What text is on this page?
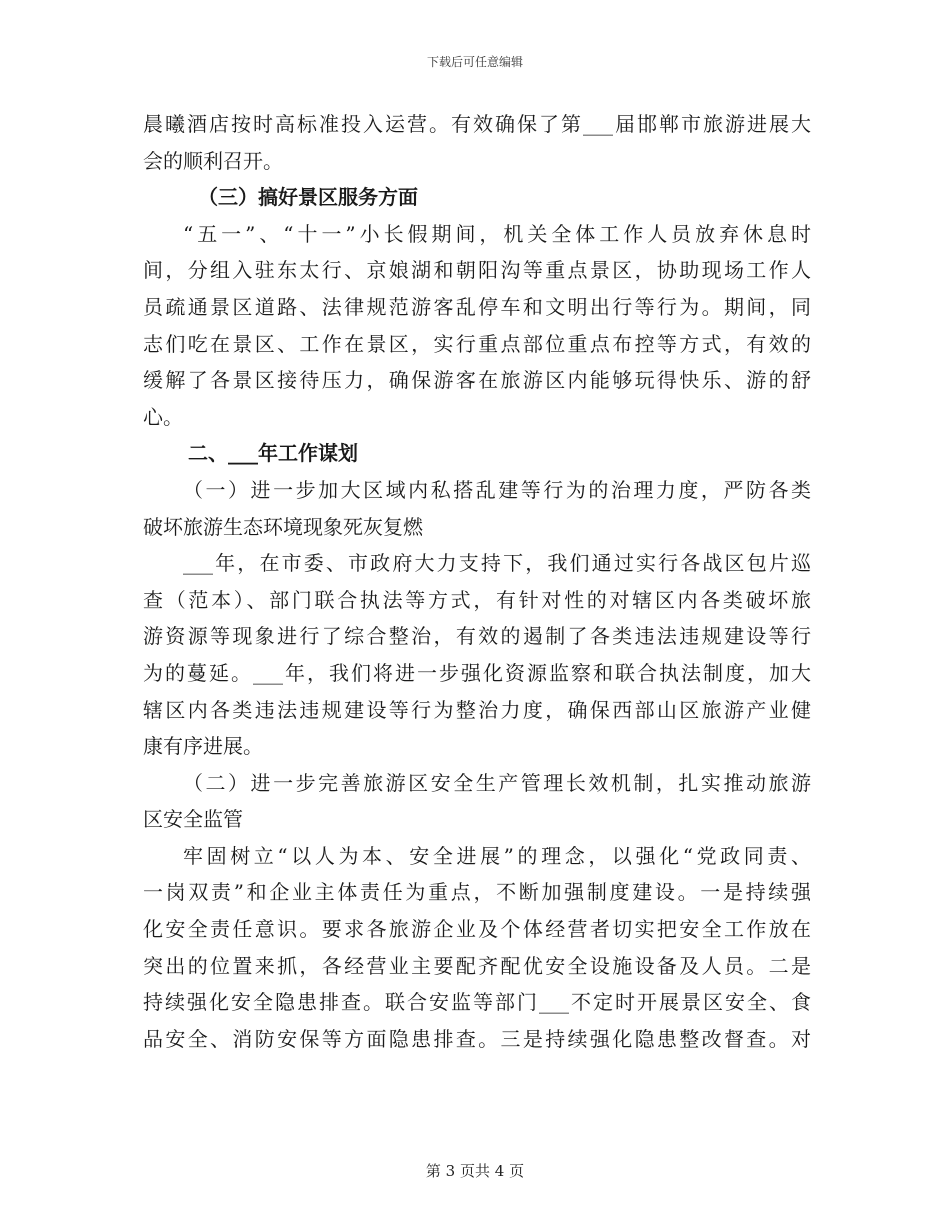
下载后可任意编辑
晨曦酒店按时高标准投入运营。有效确保了第___届邯郸市旅游进展大
会的顺利召开。
（三）搞好景区服务方面
“五一”、“十一”小长假期间，机关全体工作人员放弃休息时
间，分组入驻东太行、京娘湖和朝阳沟等重点景区，协助现场工作人
员疏通景区道路、法律规范游客乱停车和文明出行等行为。期间，同
志们吃在景区、工作在景区，实行重点部位重点布控等方式，有效的
缓解了各景区接待压力，确保游客在旅游区内能够玩得快乐、游的舒
心。
二、___年工作谋划
（一）进一步加大区域内私搭乱建等行为的治理力度，严防各类
破坏旅游生态环境现象死灰复燃
___年，在市委、市政府大力支持下，我们通过实行各战区包片巡
查（范本）、部门联合执法等方式，有针对性的对辖区内各类破坏旅
游资源等现象进行了综合整治，有效的遏制了各类违法违规建设等行
为的蔓延。___年，我们将进一步强化资源监察和联合执法制度，加大
辖区内各类违法违规建设等行为整治力度，确保西部山区旅游产业健
康有序进展。
（二）进一步完善旅游区安全生产管理长效机制，扎实推动旅游
区安全监管
牢固树立“以人为本、安全进展”的理念，以强化“党政同责、
一岗双责”和企业主体责任为重点，不断加强制度建设。一是持续强
化安全责任意识。要求各旅游企业及个体经营者切实把安全工作放在
突出的位置来抓，各经营业主要配齐配优安全设施设备及人员。二是
持续强化安全隐患排查。联合安监等部门___不定时开展景区安全、食
品安全、消防安保等方面隐患排查。三是持续强化隐患整改督查。对
第 3 页共 4 页
